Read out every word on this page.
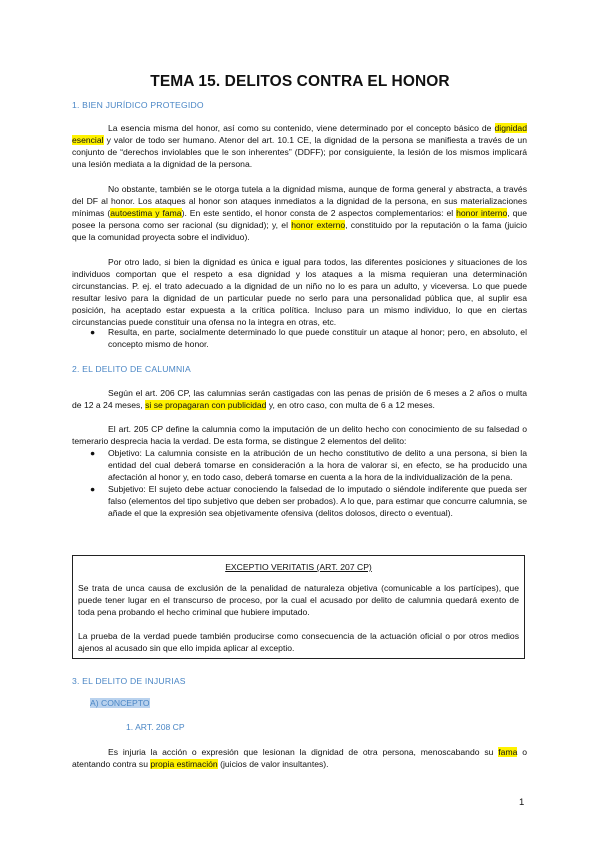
TEMA 15. DELITOS CONTRA EL HONOR

1. BIEN JURÍDICO PROTEGIDO

La esencia misma del honor, así como su contenido, viene determinado por el concepto básico de dignidad esencial y valor de todo ser humano. Atenor del art. 10.1 CE, la dignidad de la persona se manifiesta a través de un conjunto de “derechos inviolables que le son inherentes” (DDFF); por consiguiente, la lesión de los mismos implicará una lesión mediata a la dignidad de la persona.

No obstante, también se le otorga tutela a la dignidad misma, aunque de forma general y abstracta, a través del DF al honor. Los ataques al honor son ataques inmediatos a la dignidad de la persona, en sus materializaciones mínimas (autoestima y fama). En este sentido, el honor consta de 2 aspectos complementarios: el honor interno, que posee la persona como ser racional (su dignidad); y, el honor externo, constituido por la reputación o la fama (juicio que la comunidad proyecta sobre el individuo).

Por otro lado, si bien la dignidad es única e igual para todos, las diferentes posiciones y situaciones de los individuos comportan que el respeto a esa dignidad y los ataques a la misma requieran una determinación circunstancias. P. ej. el trato adecuado a la dignidad de un niño no lo es para un adulto, y viceversa. Lo que puede resultar lesivo para la dignidad de un particular puede no serlo para una personalidad pública que, al suplir esa posición, ha aceptado estar expuesta a la crítica política. Incluso para un mismo individuo, lo que en ciertas circunstancias puede constituir una ofensa no la integra en otras, etc.

● Resulta, en parte, socialmente determinado lo que puede constituir un ataque al honor; pero, en absoluto, el concepto mismo de honor.

2. EL DELITO DE CALUMNIA

Según el art. 206 CP, las calumnias serán castigadas con las penas de prisión de 6 meses a 2 años o multa de 12 a 24 meses, si se propagaran con publicidad y, en otro caso, con multa de 6 a 12 meses.

El art. 205 CP define la calumnia como la imputación de un delito hecho con conocimiento de su falsedad o temerario desprecia hacia la verdad. De esta forma, se distingue 2 elementos del delito:

● Objetivo: La calumnia consiste en la atribución de un hecho constitutivo de delito a una persona, si bien la entidad del cual deberá tomarse en consideración a la hora de valorar si, en efecto, se ha producido una afectación al honor y, en todo caso, deberá tomarse en cuenta a la hora de la individualización de la pena.
● Subjetivo: El sujeto debe actuar conociendo la falsedad de lo imputado o siéndole indiferente que pueda ser falso (elementos del tipo subjetivo que deben ser probados). A lo que, para estimar que concurre calumnia, se añade el que la expresión sea objetivamente ofensiva (delitos dolosos, directo o eventual).

EXCEPTIO VERITATIS (ART. 207 CP)

Se trata de unca causa de exclusión de la penalidad de naturaleza objetiva (comunicable a los partícipes), que puede tener lugar en el transcurso de proceso, por la cual el acusado por delito de calumnia quedará exento de toda pena probando el hecho criminal que hubiere imputado.

La prueba de la verdad puede también producirse como consecuencia de la actuación oficial o por otros medios ajenos al acusado sin que ello impida aplicar al exceptio.

3. EL DELITO DE INJURIAS

A) CONCEPTO

1. ART. 208 CP

Es injuria la acción o expresión que lesionan la dignidad de otra persona, menoscabando su fama o atentando contra su propia estimación (juicios de valor insultantes).

1
